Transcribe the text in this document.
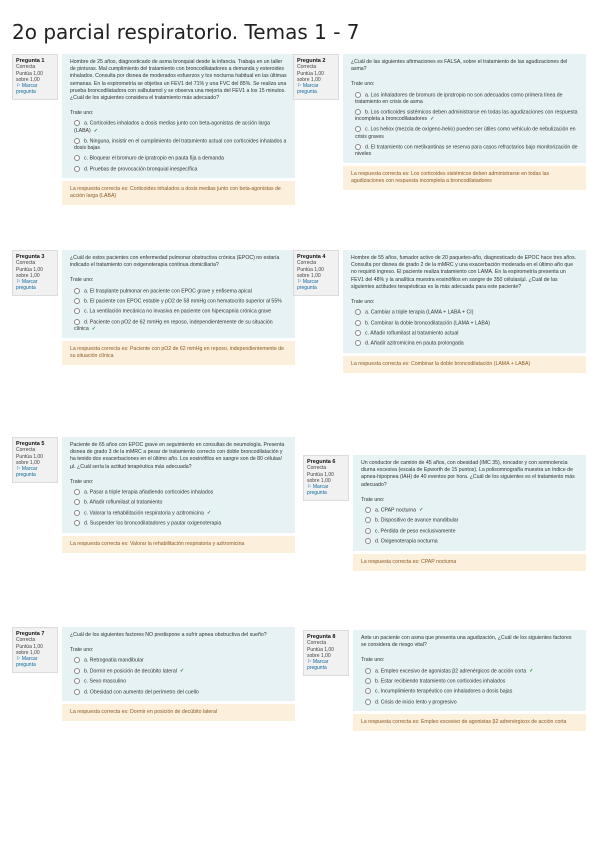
2o parcial respiratorio. Temas 1 - 7
Pregunta 1
Correcta
Puntúa 1,00 sobre 1,00
⚐ Marcar pregunta
Hombre de 25 años, diagnosticado de asma bronquial desde la infancia. Trabaja en un taller de pinturas. Mal cumplimiento del tratamiento con broncodilatadores a demanda y esteroides inhalados. Consulta por disnea de moderados esfuerzos y tos nocturna habitual en las últimas semanas. En la espirometría se objetiva un FEV1 del 71% y una FVC del 85%. Se realiza una prueba broncodilatadora con salbutamol y se observa una mejoría del FEV1 a los 15 minutos. ¿Cuál de los siguientes considera el tratamiento más adecuado?
Trate uno:
a. Corticoides inhalados a dosis medias junto con beta-agonistas de acción larga (LABA) ✓
b. Ninguna, insistir en el cumplimiento del tratamiento actual con corticoides inhalados a dosis bajas
c. Bloquear el bromuro de ipratropio en pauta fija a demanda
d. Pruebas de provocación bronquial inespecífica
La respuesta correcta es: Corticoides inhalados a dosis medias junto con beta-agonistas de acción larga (LABA)
Pregunta 2
Correcta
Puntúa 1,00 sobre 1,00
⚐ Marcar pregunta
¿Cuál de las siguientes afirmaciones es FALSA, sobre el tratamiento de las agudizaciones del asma?
Trate uno:
a. Los inhaladores de bromuro de ipratropio no son adecuados como primera línea de tratamiento en crisis de asma
b. Los corticoides sistémicos deben administrarse en todas las agudizaciones con respuesta incompleta a broncodilatadores ✓
c. Los heliox (mezcla de oxígeno-helio) pueden ser útiles como vehículo de nebulización en crisis graves
d. El tratamiento con metilxantinas se reserva para casos refractarios bajo monitorización de niveles
La respuesta correcta es: Los corticoides sistémicos deben administrarse en todas las agudizaciones con respuesta incompleta a broncodilatadores
Pregunta 3
Correcta
Puntúa 1,00 sobre 1,00
⚐ Marcar pregunta
¿Cuál de estos pacientes con enfermedad pulmonar obstructiva crónica (EPOC) no estaría indicado el tratamiento con oxigenoterapia continua domiciliaria?
Trate uno:
a. El trasplante pulmonar en paciente con EPOC grave y enfisema apical
b. El paciente con EPOC estable y pO2 de 58 mmHg con hematocrito superior al 55%
c. La ventilación mecánica no invasiva en paciente con hipercapnia crónica grave
d. Paciente con pO2 de 62 mmHg en reposo, independientemente de su situación clínica ✓
La respuesta correcta es: Paciente con pO2 de 62 mmHg en reposo, independientemente de su situación clínica
Pregunta 4
Correcta
Puntúa 1,00 sobre 1,00
⚐ Marcar pregunta
Hombre de 55 años, fumador activo de 20 paquetes-año, diagnosticado de EPOC hace tres años. Consulta por disnea de grado 2 de la mMRC y una exacerbación moderada en el último año que no requirió ingreso. El paciente realiza tratamiento con LAMA. En la espirometría presenta un FEV1 del 48% y la analítica muestra eosinófilos en sangre de 350 células/µl. ¿Cuál de las siguientes actitudes terapéuticas es la más adecuada para este paciente?
Trate uno:
a. Cambiar a triple terapia (LAMA + LABA + CI)
b. Combinar la doble broncodilatación (LAMA + LABA)
c. Añadir roflumilast al tratamiento actual
d. Añadir azitromicina en pauta prolongada
La respuesta correcta es: Combinar la doble broncodilatación (LAMA + LABA)
Pregunta 5
Correcta
Puntúa 1,00 sobre 1,00
⚐ Marcar pregunta
Paciente de 65 años con EPOC grave en seguimiento en consultas de neumología. Presenta disnea de grado 3 de la mMRC a pesar de tratamiento correcto con doble broncodilatación y ha tenido dos exacerbaciones en el último año. Los eosinófilos en sangre son de 80 células/µl. ¿Cuál sería la actitud terapéutica más adecuada?
Trate uno:
a. Pasar a triple terapia añadiendo corticoides inhalados
b. Añadir roflumilast al tratamiento
c. Valorar la rehabilitación respiratoria y azitromicina ✓
d. Suspender los broncodilatadores y pautar oxigenoterapia
La respuesta correcta es: Valorar la rehabilitación respiratoria y azitromicina
Pregunta 6
Correcta
Puntúa 1,00 sobre 1,00
⚐ Marcar pregunta
Un conductor de camión de 45 años, con obesidad (IMC 35), roncador y con somnolencia diurna excesiva (escala de Epworth de 15 puntos). La polisomnografía muestra un índice de apnea-hipopnea (IAH) de 40 eventos por hora. ¿Cuál de los siguientes es el tratamiento más adecuado?
Trate uno:
a. CPAP nocturna ✓
b. Dispositivo de avance mandibular
c. Pérdida de peso exclusivamente
d. Oxigenoterapia nocturna
La respuesta correcta es: CPAP nocturna
Pregunta 7
Correcta
Puntúa 1,00 sobre 1,00
⚐ Marcar pregunta
¿Cuál de los siguientes factores NO predispone a sufrir apnea obstructiva del sueño?
Trate uno:
a. Retrognatia mandibular
b. Dormir en posición de decúbito lateral ✓
c. Sexo masculino
d. Obesidad con aumento del perímetro del cuello
La respuesta correcta es: Dormir en posición de decúbito lateral
Pregunta 8
Correcta
Puntúa 1,00 sobre 1,00
⚐ Marcar pregunta
Ante un paciente con asma que presenta una agudización, ¿Cuál de los siguientes factores se considera de riesgo vital?
Trate uno:
a. Empleo excesivo de agonistas β2 adrenérgicos de acción corta ✓
b. Estar recibiendo tratamiento con corticoides inhalados
c. Incumplimiento terapéutico con inhaladores a dosis bajas
d. Crisis de inicio lento y progresivo
La respuesta correcta es: Empleo excesivo de agonistas β2 adrenérgicos de acción corta
